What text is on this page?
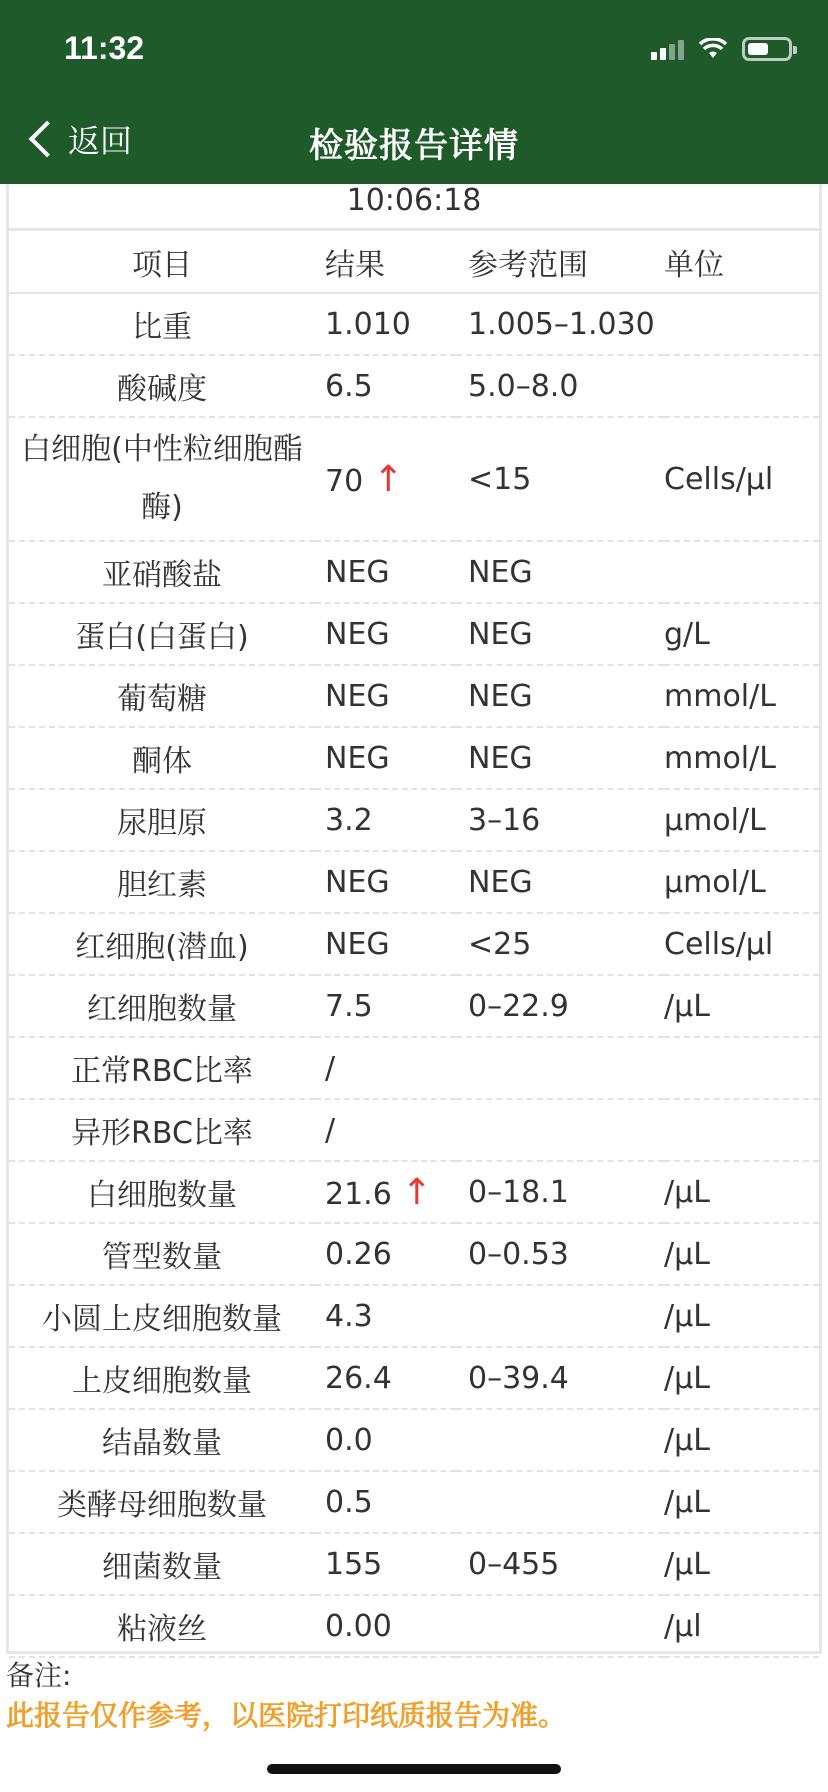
11:32
返回	检验报告详情
10:06:18
项目	结果	参考范围	单位
比重	1.010	1.005–1.030	
酸碱度	6.5	5.0–8.0	
白细胞(中性粒细胞酯酶)	70 ↑	<15	Cells/μl
亚硝酸盐	NEG	NEG	
蛋白(白蛋白)	NEG	NEG	g/L
葡萄糖	NEG	NEG	mmol/L
酮体	NEG	NEG	mmol/L
尿胆原	3.2	3–16	μmol/L
胆红素	NEG	NEG	μmol/L
红细胞(潜血)	NEG	<25	Cells/μl
红细胞数量	7.5	0–22.9	/μL
正常RBC比率	/		
异形RBC比率	/		
白细胞数量	21.6 ↑	0–18.1	/μL
管型数量	0.26	0–0.53	/μL
小圆上皮细胞数量	4.3		/μL
上皮细胞数量	26.4	0–39.4	/μL
结晶数量	0.0		/μL
类酵母细胞数量	0.5		/μL
细菌数量	155	0–455	/μL
粘液丝	0.00		/μl
备注:
此报告仅作参考，以医院打印纸质报告为准。
